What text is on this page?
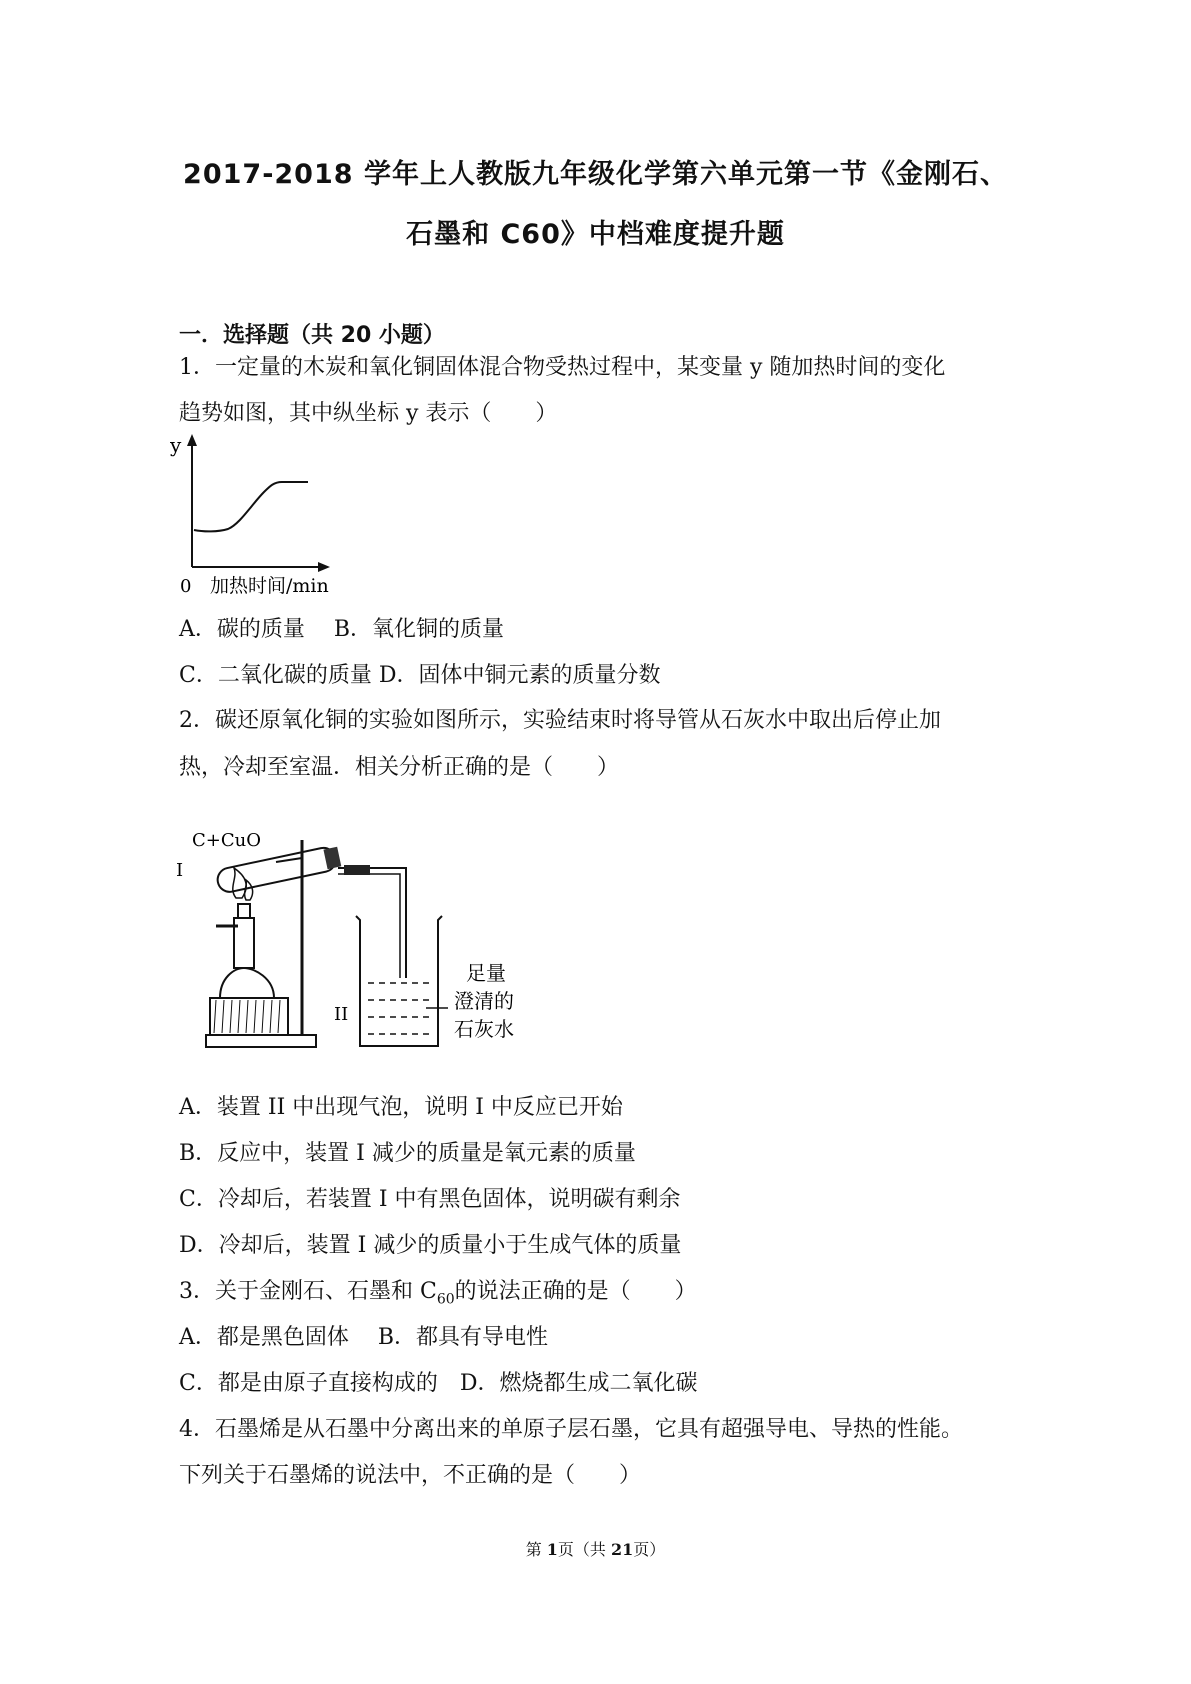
2017-2018 学年上人教版九年级化学第六单元第一节《金刚石、
石墨和 C60》中档难度提升题
一．选择题（共 20 小题）
1．一定量的木炭和氧化铜固体混合物受热过程中，某变量 y 随加热时间的变化
趋势如图，其中纵坐标 y 表示（　　）
y
0 加热时间/min
A．碳的质量　 B．氧化铜的质量
C．二氧化碳的质量 D．固体中铜元素的质量分数
2．碳还原氧化铜的实验如图所示，实验结束时将导管从石灰水中取出后停止加
热，冷却至室温．相关分析正确的是（　　）
C+CuO
I
II
足量
澄清的
石灰水
A．装置 II 中出现气泡，说明 I 中反应已开始
B．反应中，装置 I 减少的质量是氧元素的质量
C．冷却后，若装置 I 中有黑色固体，说明碳有剩余
D．冷却后，装置 I 减少的质量小于生成气体的质量
3．关于金刚石、石墨和 $C_{60}$的说法正确的是（　　）
A．都是黑色固体　 B．都具有导电性
C．都是由原子直接构成的　D．燃烧都生成二氧化碳
4．石墨烯是从石墨中分离出来的单原子层石墨，它具有超强导电、导热的性能。
下列关于石墨烯的说法中，不正确的是（　　）
第 1页（共 21页）
